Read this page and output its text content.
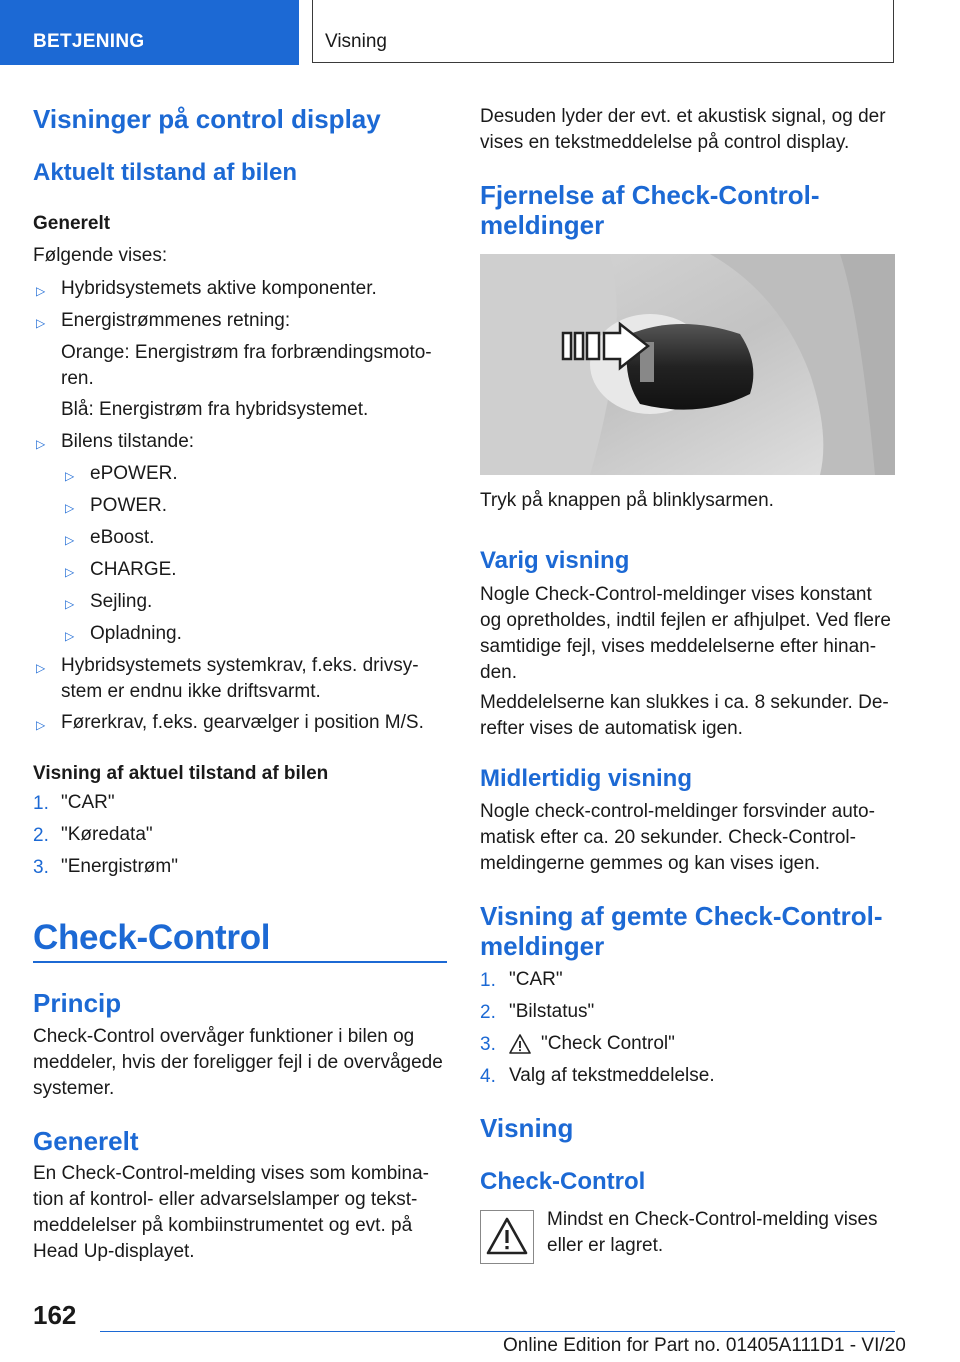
BETJENING	Visning
Visninger på control display
Aktuelt tilstand af bilen
Generelt
Følgende vises:
▷ Hybridsystemets aktive komponenter.
▷ Energistrømmenes retning:
Orange: Energistrøm fra forbrændingsmoto‐
ren.
Blå: Energistrøm fra hybridsystemet.
▷ Bilens tilstande:
▷ ePOWER.
▷ POWER.
▷ eBoost.
▷ CHARGE.
▷ Sejling.
▷ Opladning.
▷ Hybridsystemets systemkrav, f.eks. drivsy‐
stem er endnu ikke driftsvarmt.
▷ Førerkrav, f.eks. gearvælger i position M/S.
Visning af aktuel tilstand af bilen
1. "CAR"
2. "Køredata"
3. "Energistrøm"
Check-Control
Princip
Check-Control overvåger funktioner i bilen og
meddeler, hvis der foreligger fejl i de overvågede
systemer.
Generelt
En Check-Control-melding vises som kombina‐
tion af kontrol- eller advarselslamper og tekst‐
meddelelser på kombiinstrumentet og evt. på
Head Up-displayet.
Desuden lyder der evt. et akustisk signal, og der
vises en tekstmeddelelse på control display.
Fjernelse af Check-Control-
meldinger
Tryk på knappen på blinklysarmen.
Varig visning
Nogle Check-Control-meldinger vises konstant
og opretholdes, indtil fejlen er afhjulpet. Ved flere
samtidige fejl, vises meddelelserne efter hinan‐
den.
Meddelelserne kan slukkes i ca. 8 sekunder. De‐
refter vises de automatisk igen.
Midlertidig visning
Nogle check-control-meldinger forsvinder auto‐
matisk efter ca. 20 sekunder. Check-Control-
meldingerne gemmes og kan vises igen.
Visning af gemte Check-Control-
meldinger
1. "CAR"
2. "Bilstatus"
3. "Check Control"
4. Valg af tekstmeddelelse.
Visning
Check-Control
Mindst en Check-Control-melding vises
eller er lagret.
162
Online Edition for Part no. 01405A111D1 - VI/20
